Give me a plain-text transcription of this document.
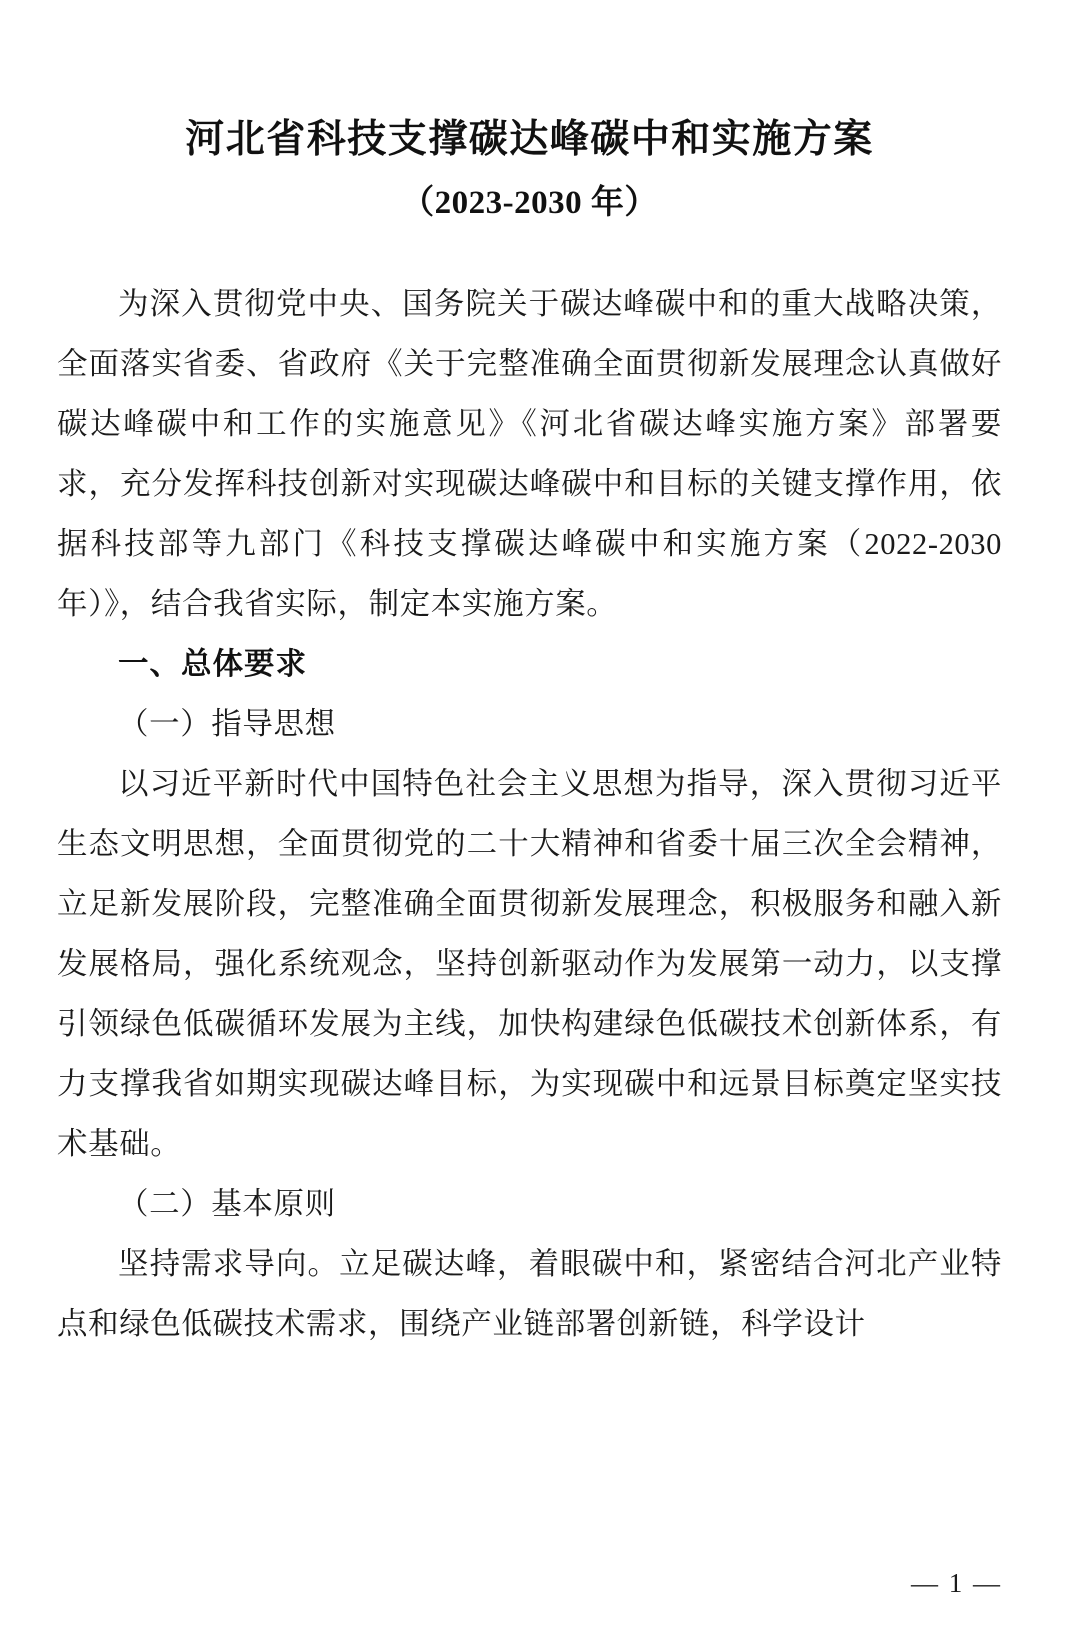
河北省科技支撑碳达峰碳中和实施方案
（2023-2030 年）

为深入贯彻党中央、国务院关于碳达峰碳中和的重大战略决策，全面落实省委、省政府《关于完整准确全面贯彻新发展理念认真做好碳达峰碳中和工作的实施意见》《河北省碳达峰实施方案》部署要求，充分发挥科技创新对实现碳达峰碳中和目标的关键支撑作用，依据科技部等九部门《科技支撑碳达峰碳中和实施方案（2022-2030 年）》，结合我省实际，制定本实施方案。

一、总体要求
（一）指导思想

以习近平新时代中国特色社会主义思想为指导，深入贯彻习近平生态文明思想，全面贯彻党的二十大精神和省委十届三次全会精神，立足新发展阶段，完整准确全面贯彻新发展理念，积极服务和融入新发展格局，强化系统观念，坚持创新驱动作为发展第一动力，以支撑引领绿色低碳循环发展为主线，加快构建绿色低碳技术创新体系，有力支撑我省如期实现碳达峰目标，为实现碳中和远景目标奠定坚实技术基础。

（二）基本原则

坚持需求导向。立足碳达峰，着眼碳中和，紧密结合河北产业特点和绿色低碳技术需求，围绕产业链部署创新链，科学设计

— 1 —
